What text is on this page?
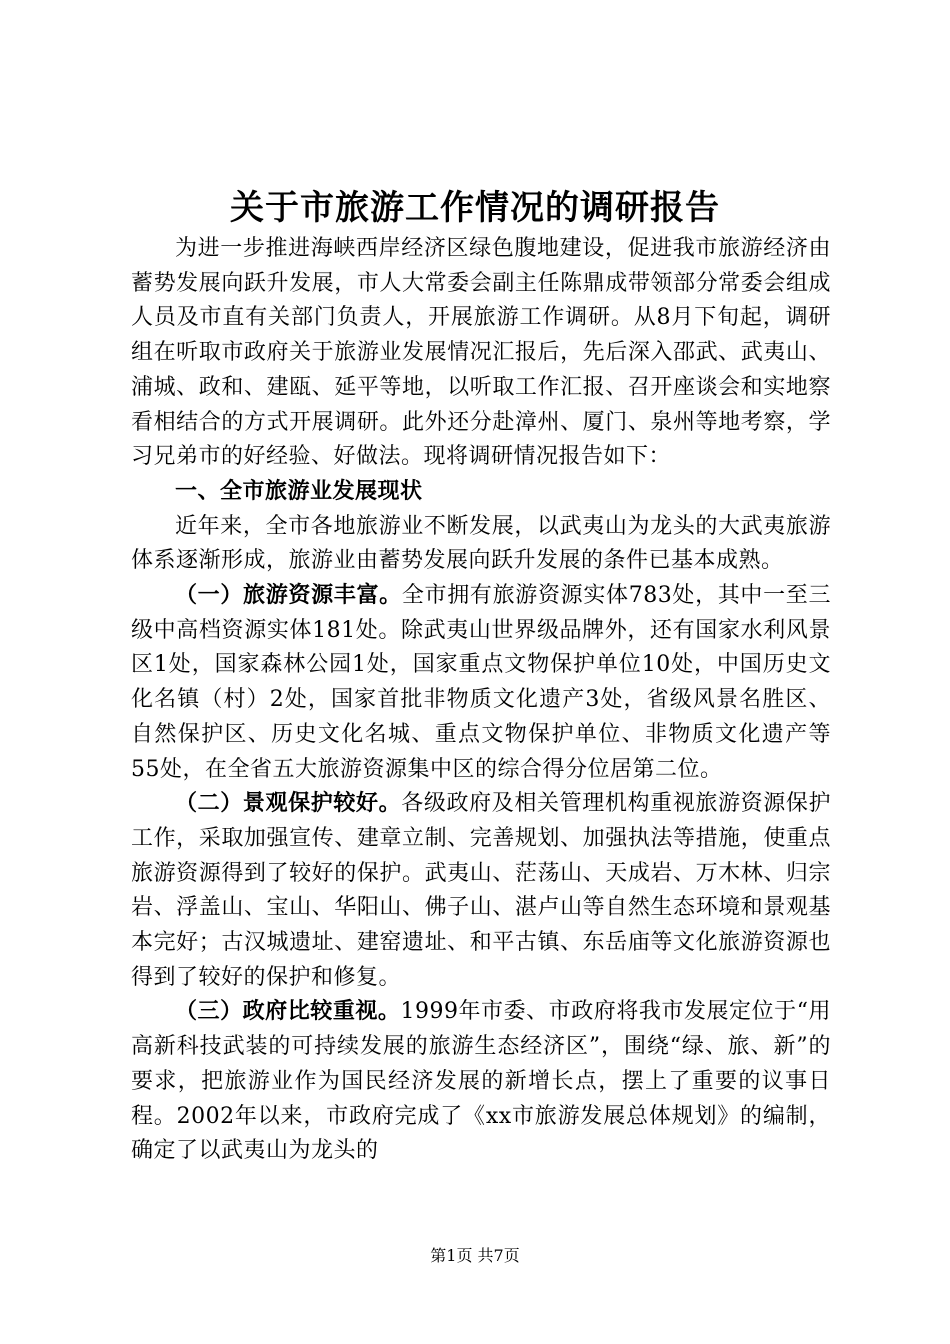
关于市旅游工作情况的调研报告

为进一步推进海峡西岸经济区绿色腹地建设，促进我市旅游经济由蓄势发展向跃升发展，市人大常委会副主任陈鼎成带领部分常委会组成人员及市直有关部门负责人，开展旅游工作调研。从8月下旬起，调研组在听取市政府关于旅游业发展情况汇报后，先后深入邵武、武夷山、浦城、政和、建瓯、延平等地，以听取工作汇报、召开座谈会和实地察看相结合的方式开展调研。此外还分赴漳州、厦门、泉州等地考察，学习兄弟市的好经验、好做法。现将调研情况报告如下：

一、全市旅游业发展现状

近年来，全市各地旅游业不断发展，以武夷山为龙头的大武夷旅游体系逐渐形成，旅游业由蓄势发展向跃升发展的条件已基本成熟。

（一）旅游资源丰富。全市拥有旅游资源实体783处，其中一至三级中高档资源实体181处。除武夷山世界级品牌外，还有国家水利风景区1处，国家森林公园1处，国家重点文物保护单位10处，中国历史文化名镇（村）2处，国家首批非物质文化遗产3处，省级风景名胜区、自然保护区、历史文化名城、重点文物保护单位、非物质文化遗产等55处，在全省五大旅游资源集中区的综合得分位居第二位。

（二）景观保护较好。各级政府及相关管理机构重视旅游资源保护工作，采取加强宣传、建章立制、完善规划、加强执法等措施，使重点旅游资源得到了较好的保护。武夷山、茫荡山、天成岩、万木林、归宗岩、浮盖山、宝山、华阳山、佛子山、湛卢山等自然生态环境和景观基本完好；古汉城遗址、建窑遗址、和平古镇、东岳庙等文化旅游资源也得到了较好的保护和修复。

（三）政府比较重视。1999年市委、市政府将我市发展定位于“用高新科技武装的可持续发展的旅游生态经济区”，围绕“绿、旅、新”的要求，把旅游业作为国民经济发展的新增长点，摆上了重要的议事日程。2002年以来，市政府完成了《xx市旅游发展总体规划》的编制，确定了以武夷山为龙头的

第1页 共7页
